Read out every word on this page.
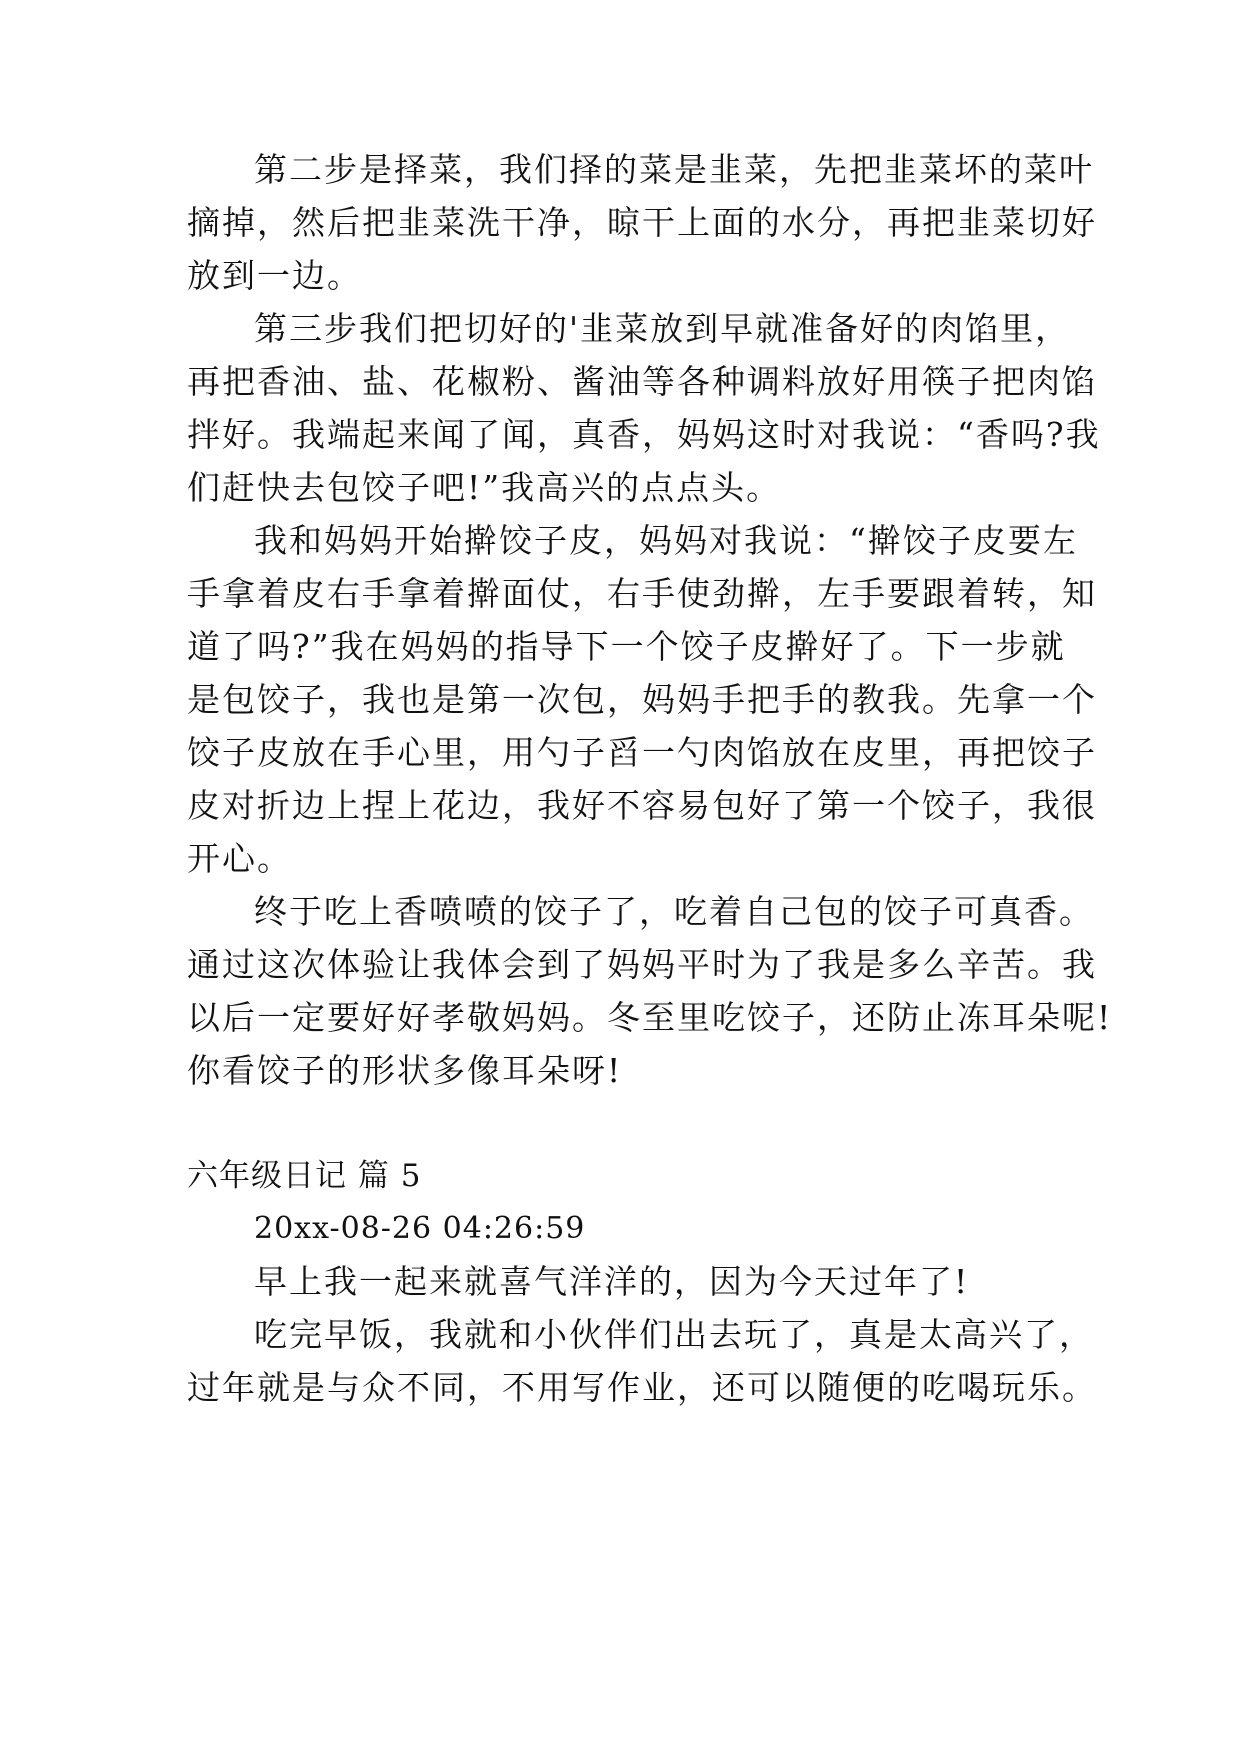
第二步是择菜，我们择的菜是韭菜，先把韭菜坏的菜叶
摘掉，然后把韭菜洗干净，晾干上面的水分，再把韭菜切好
放到一边。
第三步我们把切好的'韭菜放到早就准备好的肉馅里，
再把香油、盐、花椒粉、酱油等各种调料放好用筷子把肉馅
拌好。我端起来闻了闻，真香，妈妈这时对我说：“香吗?我
们赶快去包饺子吧!”我高兴的点点头。
我和妈妈开始擀饺子皮，妈妈对我说：“擀饺子皮要左
手拿着皮右手拿着擀面仗，右手使劲擀，左手要跟着转，知
道了吗?”我在妈妈的指导下一个饺子皮擀好了。下一步就
是包饺子，我也是第一次包，妈妈手把手的教我。先拿一个
饺子皮放在手心里，用勺子舀一勺肉馅放在皮里，再把饺子
皮对折边上捏上花边，我好不容易包好了第一个饺子，我很
开心。
终于吃上香喷喷的饺子了，吃着自己包的饺子可真香。
通过这次体验让我体会到了妈妈平时为了我是多么辛苦。我
以后一定要好好孝敬妈妈。冬至里吃饺子，还防止冻耳朵呢!
你看饺子的形状多像耳朵呀!
六年级日记 篇 5
20xx-08-26 04:26:59
早上我一起来就喜气洋洋的，因为今天过年了!
吃完早饭，我就和小伙伴们出去玩了，真是太高兴了，
过年就是与众不同，不用写作业，还可以随便的吃喝玩乐。
